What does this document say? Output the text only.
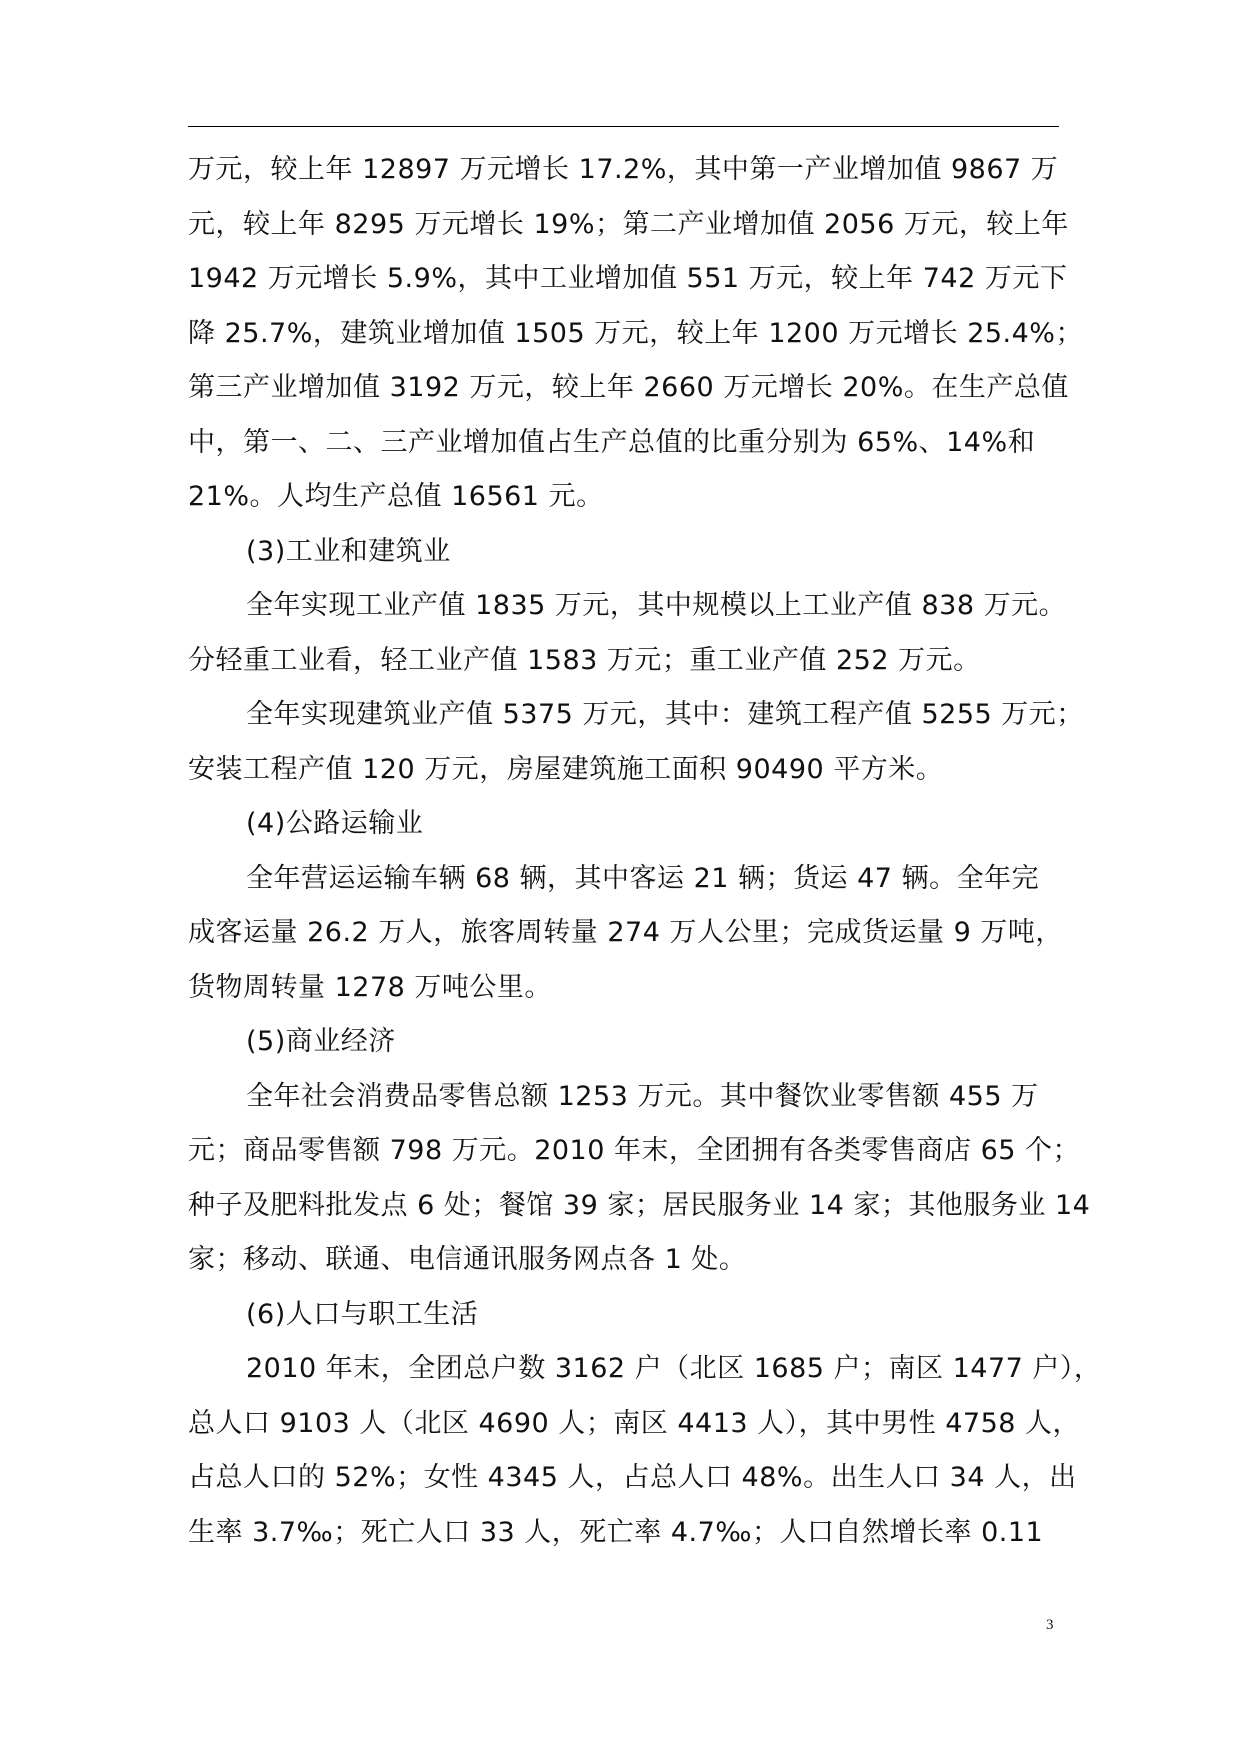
万元，较上年 12897 万元增长 17.2%，其中第一产业增加值 9867 万
元，较上年 8295 万元增长 19%；第二产业增加值 2056 万元，较上年
1942 万元增长 5.9%，其中工业增加值 551 万元，较上年 742 万元下
降 25.7%，建筑业增加值 1505 万元，较上年 1200 万元增长 25.4%；
第三产业增加值 3192 万元，较上年 2660 万元增长 20%。在生产总值
中，第一、二、三产业增加值占生产总值的比重分别为 65%、14%和
21%。人均生产总值 16561 元。
(3)工业和建筑业
全年实现工业产值 1835 万元，其中规模以上工业产值 838 万元。
分轻重工业看，轻工业产值 1583 万元；重工业产值 252 万元。
全年实现建筑业产值 5375 万元，其中：建筑工程产值 5255 万元；
安装工程产值 120 万元，房屋建筑施工面积 90490 平方米。
(4)公路运输业
全年营运运输车辆 68 辆，其中客运 21 辆；货运 47 辆。全年完
成客运量 26.2 万人，旅客周转量 274 万人公里；完成货运量 9 万吨，
货物周转量 1278 万吨公里。
(5)商业经济
全年社会消费品零售总额 1253 万元。其中餐饮业零售额 455 万
元；商品零售额 798 万元。2010 年末，全团拥有各类零售商店 65 个；
种子及肥料批发点 6 处；餐馆 39 家；居民服务业 14 家；其他服务业 14
家；移动、联通、电信通讯服务网点各 1 处。
(6)人口与职工生活
2010 年末，全团总户数 3162 户（北区 1685 户；南区 1477 户），
总人口 9103 人（北区 4690 人；南区 4413 人），其中男性 4758 人，
占总人口的 52%；女性 4345 人，占总人口 48%。出生人口 34 人，出
生率 3.7‰；死亡人口 33 人，死亡率 4.7‰；人口自然增长率 0.11
3
